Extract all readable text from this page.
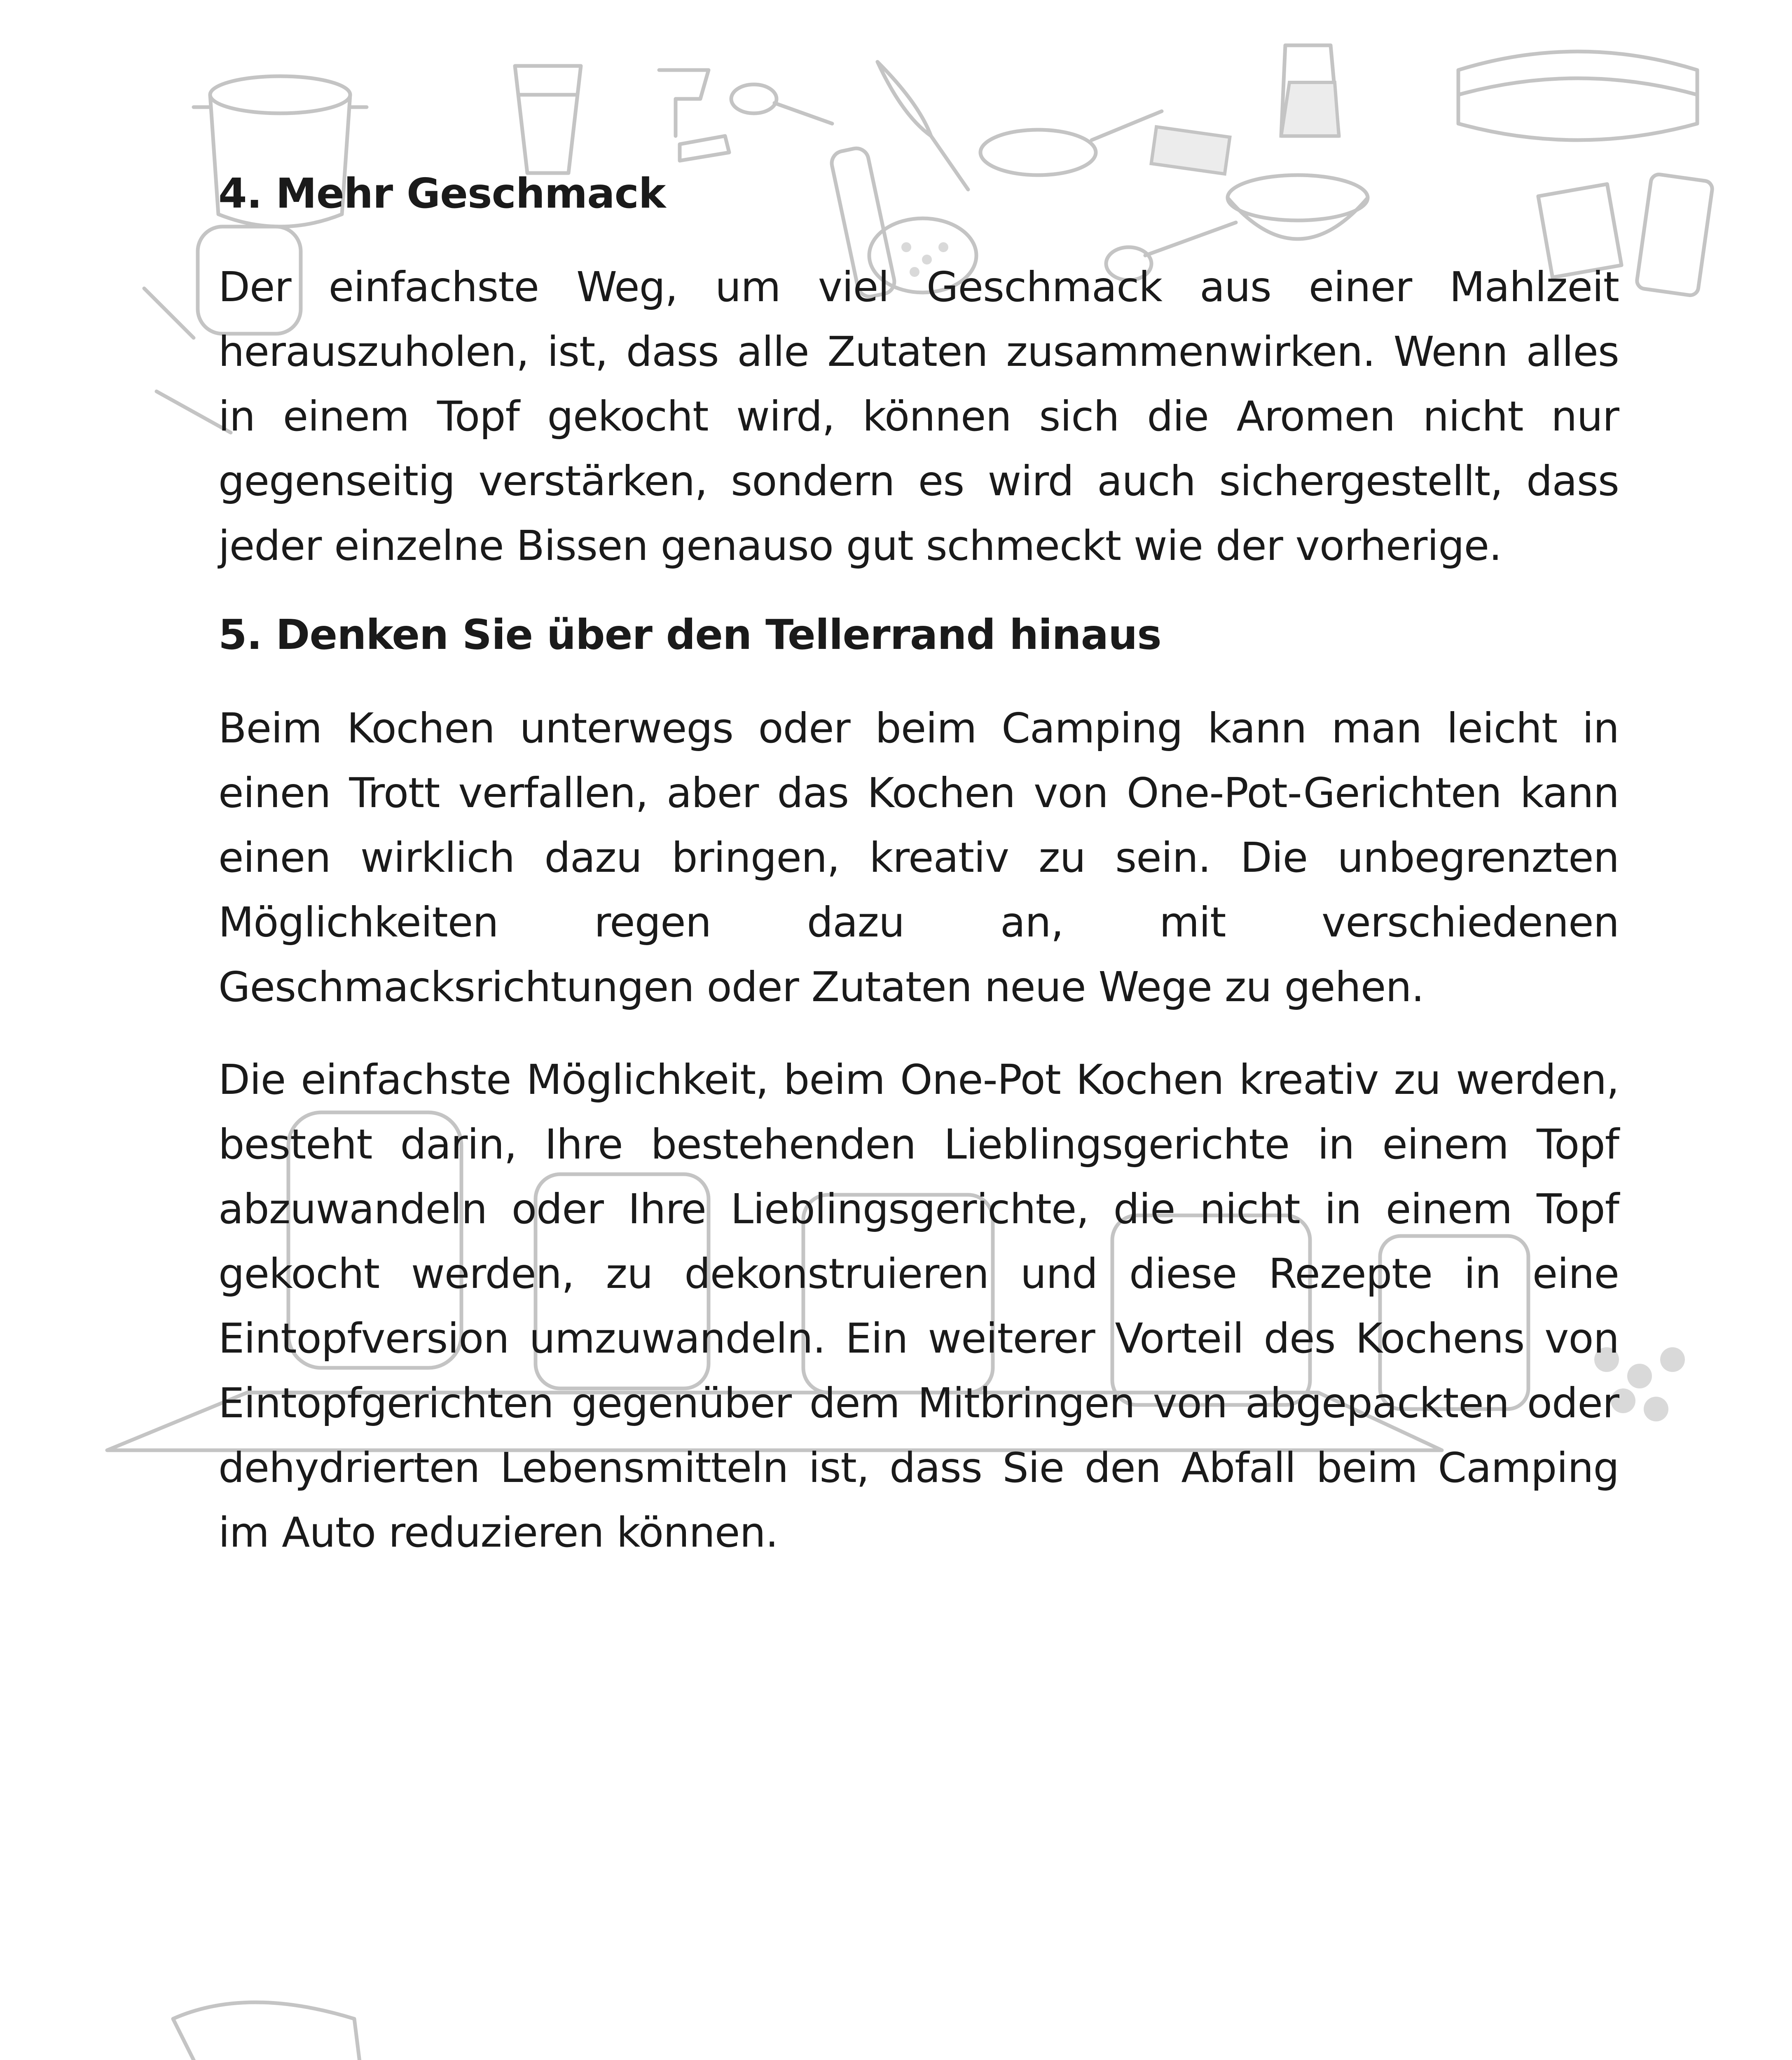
4. Mehr Geschmack

Der einfachste Weg, um viel Geschmack aus einer Mahlzeit herauszuholen, ist, dass alle Zutaten zusammenwirken. Wenn alles in einem Topf gekocht wird, können sich die Aromen nicht nur gegenseitig verstärken, sondern es wird auch sichergestellt, dass jeder einzelne Bissen genauso gut schmeckt wie der vorherige.

5. Denken Sie über den Tellerrand hinaus

Beim Kochen unterwegs oder beim Camping kann man leicht in einen Trott verfallen, aber das Kochen von One-Pot-Gerichten kann einen wirklich dazu bringen, kreativ zu sein. Die unbegrenzten Möglichkeiten regen dazu an, mit verschiedenen Geschmacksrichtungen oder Zutaten neue Wege zu gehen.

Die einfachste Möglichkeit, beim One-Pot Kochen kreativ zu werden, besteht darin, Ihre bestehenden Lieblingsgerichte in einem Topf abzuwandeln oder Ihre Lieblingsgerichte, die nicht in einem Topf gekocht werden, zu dekonstruieren und diese Rezepte in eine Eintopfversion umzuwandeln. Ein weiterer Vorteil des Kochens von Eintopfgerichten gegenüber dem Mitbringen von abgepackten oder dehydrierten Lebensmitteln ist, dass Sie den Abfall beim Camping im Auto reduzieren können.
